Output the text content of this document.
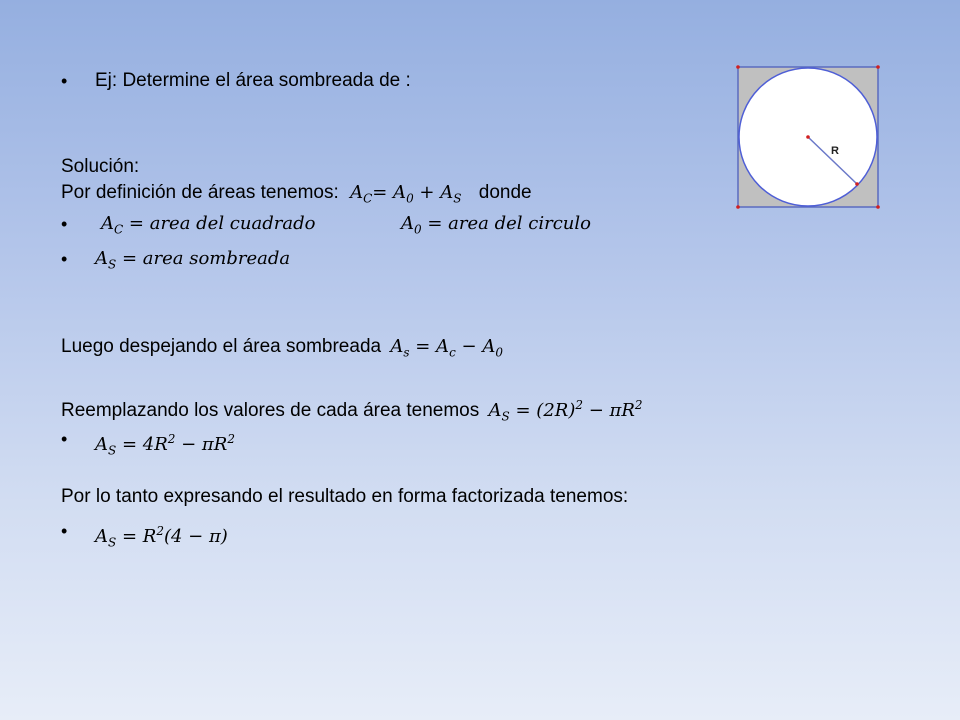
• Ej: Determine el área sombreada de :
Solución:
Por definición de áreas tenemos: $A_C= A_0 + A_S$ donde
• $A_C$ = area del cuadrado	$A_0$ = area del circulo
• $A_S$ = area sombreada
Luego despejando el área sombreada $A_s = A_c - A_0$
Reemplazando los valores de cada área tenemos $A_S = (2R)^2 - \pi R^2$
• $A_S = 4R^2 - \pi R^2$
Por lo tanto expresando el resultado en forma factorizada tenemos:
• $A_S = R^2(4 - \pi)$
R
